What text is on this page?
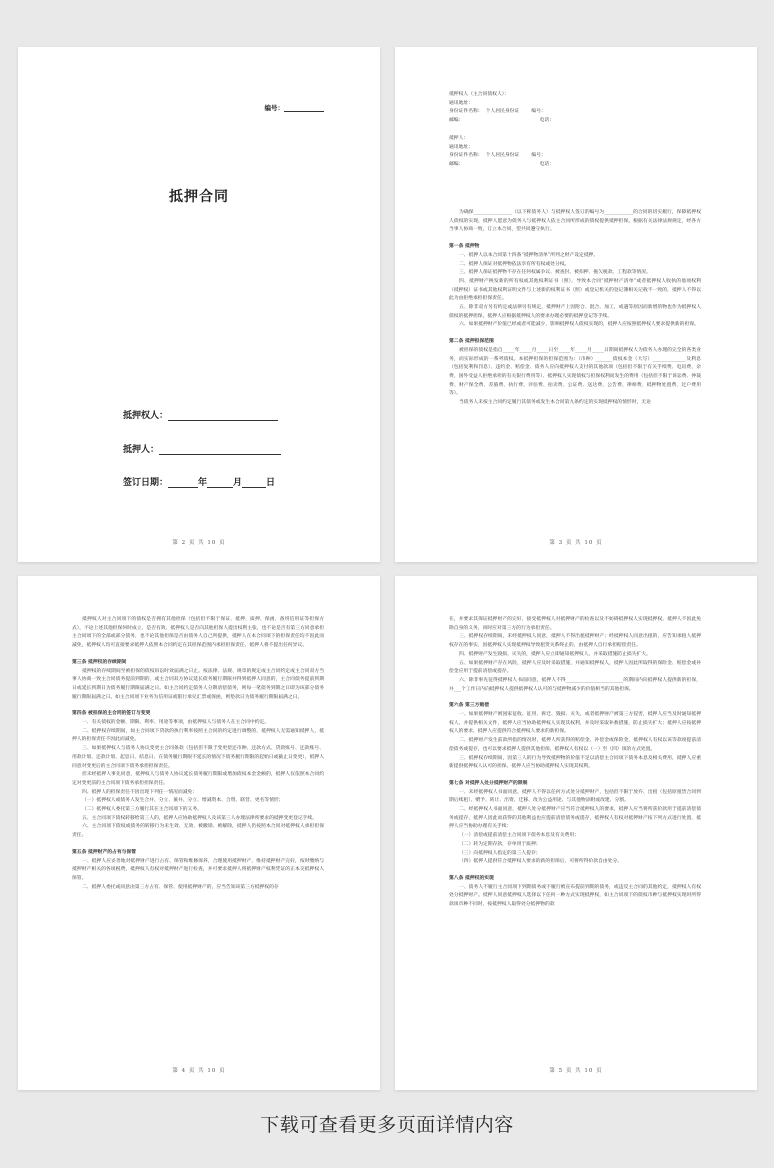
编号：
抵押合同
抵押权人：
抵押人：
签订日期：	年	月	日
第 2 页 共 10 页
抵押权人（主合同债权人）：
通讯地址：
身份证件名称：  个人居民身份证        编号：
邮编：                                                  电话：
抵押人：
通讯地址：
身份证件名称：  个人居民身份证        编号：
邮编：                                                  电话：

为确保________________（以下称债务人）与抵押权人签订的编号为____________的合同的切实履行，保障抵押权人债权的实现，抵押人愿意为债务人与抵押权人依主合同所形成的债权提供抵押担保。根据有关法律法规规定，经各方当事人协商一致，订立本合同，望共同遵守执行。

第一条 抵押物

一、抵押人以本合同第十四条“抵押物清单”所列之财产设定抵押。

二、抵押人保证对抵押物依法享有所有权或处分权。

三、抵押人保证抵押物不存在任何权属争议、被查封、被扣押、拖欠税款、工程款等情况。

四、抵押财产换发新的所有权或其他权利证书（照），导致本合同“抵押财产清单”或者抵押权人收执的他项权利（抵押权）证书或其他权利证明文件与上述新的权利证书（照）或登记机关的登记簿相关记载不一致的，抵押人不得以此为由拒绝承担担保责任。

五、除非双方另有约定或法律另有规定，抵押财产上因附合、混合、加工，或遇等原因而新增的物也作为抵押权人债权的抵押担保，抵押人应根据抵押权人的要求办理必要的抵押登记等手续。

六、如果抵押财产价值已经或者可能减少，影响抵押权人债权实现的，抵押人应按照抵押权人要求提供新的担保。

第二条 抵押担保范围

被担保的债权是指自_____年_____月_____日至_____年_____月_____日期间抵押权人为债务人办理的完全的各类业务，而实际形成的一系列债权。本抵押担保的担保范围为：（币种）_______债权本金（大写）______________及利息（包括复利和罚息）、违约金、赔偿金、债务人应向抵押权人支付的其他款项（包括但不限于有关手续费、电讯费、杂费、国外受益人拒绝承担的有关银行费用等）、抵押权人实现债权与担保权利而发生的费用（包括但不限于诉讼费、仲裁费、财产保全费、差旅费、执行费、评估费、拍卖费、公证费、送达费、公告费、律师费、抵押物处置费、过户费用等）。

当债务人未按主合同约定履行其债务或发生本合同第九条约定的实现抵押权的情形时，无论

第 3 页 共 10 页

抵押权人对主合同项下的债权是否拥有其他担保（包括但不限于保证、抵押、质押、保函、备用信用证等担保方式），不论上述其他担保何时成立、是否有效、抵押权人是否向其他担保人提出权利主张，也不论是否有第三方同意承担主合同项下的全部或部分债务，也不论其他担保是否由债务人自己所提供，抵押人在本合同项下的担保责任均不因此而减免，抵押权人均可直接要求抵押人依照本合同约定在其担保范围内承担担保责任，抵押人将不提出任何异议。

第三条 抵押权的存续期间

抵押权的存续期间至被担保的债权诉讼时效届满之日止。按法律、法规、规章的规定或主合同约定或主合同双方当事人协商一致主合同债务提前到期的，或主合同双方协议延长债务履行期限并得到抵押人同意的，主合同债务提前到期日或延长到期日为债务履行期限届满之日。如主合同约定债务人分期清偿债务，则每一笔债务到期之日即为该部分债务履行期限届满之日。如主合同项下业务为信用证或银行承兑汇票或保函，则垫款日为债务履行期限届满之日。

第四条 被担保的主合同的签订与变更

一、有关债权的金额、期限、利率、用途等事项，由抵押权人与债务人在主合同中约定。

二、抵押权存续期间，如主合同项下贷款的执行利率按照主合同的约定进行调整的，抵押权人无需通知抵押人，抵押人的担保责任不因此而减免。

三、如果抵押权人与债务人协议变更主合同条款（包括但不限于变更偿还币种、还款方式、贷款账号、还款账号、用款计划、还款计划、起息日、结息日、在债务履行期限不延长的情况下债务履行期限的起始日或截止日变更），抵押人同意对变更后的主合同项下债务承担担保责任。

但未经抵押人事先同意，抵押权人与债务人协议延长债务履行期限或增加债权本金金额的，抵押人仅依照本合同约定对变更前的主合同项下债务承担担保责任。

四、抵押人的担保责任不因出现下列任一情况而减免：

（一）抵押权人或债务人发生合并、分立、兼并、分立、增减资本、合资、联营、更名等情形；

（二）抵押权人委托第三方履行其在主合同项下的义务。

五、主合同项下债权转移给第三人的，抵押人应协助抵押权人及该第三人办理法律所要求的抵押变更登记手续。

六、主合同项下债权或债务的转移行为未生效、无效、被撤销、被解除，抵押人仍按照本合同对抵押权人承担担保责任。

第五条 抵押财产的占有与保管

一、抵押人应妥善地对抵押财产进行占有、保管和维修保养，合理使用抵押财产，维持抵押财产完好，按时缴纳与抵押财产相关的各项税费，抵押权人有权对抵押财产进行检查，并可要求抵押人将抵押财产权利凭证的正本交抵押权人保管。

二、抵押人委托或同意由第三方占有、保管、使用抵押财产的，应当告知该第三方抵押权的存

第 4 页 共 10 页

在，并要求其保证抵押财产的完好，接受抵押权人对抵押财产的检查以及不妨碍抵押权人实现抵押权，抵押人不因此免除自身的义务，同时应对第三方的行为承担责任。

三、抵押权存续期间，未经抵押权人同意，抵押人不得出租抵押财产；经抵押权人同意出租的，应告知承租人抵押权存在的事实，因抵押权人实现抵押权导致租赁关系终止的，由抵押人自行承担赔偿责任。

四、抵押财产发生毁损、灭失的，抵押人应立即通知抵押权人，并采取措施防止损失扩大。

五、如果抵押财产存在风险，抵押人应及时采取措施，并通知抵押权人，抵押人因此所取得的保险金、赔偿金或补偿金应用于提前清偿或提存。

六、除非事先征得抵押权人书面同意，抵押人不得________________________的期间内向抵押权人提供新的担保，并___个工作日内向抵押权人提供抵押权人认可的与抵押物减少的价值相当的其他担保。

第六条 第三方赔偿

一、如果抵押财产被国家征收、征用、拆迁、毁损、灭失，或者抵押财产被第三方侵害，抵押人应当及时通知抵押权人，并提供相关文件，抵押人应当协助抵押权人实现其权利，并及时采取补救措施，防止损失扩大；抵押人应按抵押权人的要求，抵押人应提供符合抵押权人要求的新担保。

二、抵押财产发生前款所指的情况时，抵押人所获得的赔偿金、补偿金或保险金，抵押权人有权以该等款项提前清偿债务或提存，也可以要求抵押人提供其他担保，抵押权人有权以（一）至（四）项的方式处置。

三、抵押权存续期间，因第三人的行为导致抵押物的价值不足以清偿主合同项下债务本息及相关费用，抵押人应重新提供抵押权人认可的担保。抵押人应当协助抵押权人实现其权利。

第七条 对抵押人处分抵押财产的限制

一、未经抵押权人书面同意，抵押人不得以任何方式处分抵押财产，包括但不限于放弃、出租（包括原租赁合同到期后续租）、赠予、转让、出资、迁移、改为公益用途、与其他物添附或改建、分割。

二、经抵押权人书面同意，抵押人处分抵押财产应当符合抵押权人的要求，抵押人应当将所获价款用于提前清偿债务或提存，抵押人因此而获得的其他利益也应提前清偿债务或提存，抵押权人有权对抵押财产按下列方式进行处置，抵押人应当协助办理有关手续：

（一）清偿或提前清偿主合同项下债务本息及有关费用；

（二）转为定期存款，存单用于质押；

（三）向抵押权人指定的第三人提存；

（四）抵押人提供符合抵押权人要求的新的担保后，可将所得价款自由处分。

第八条 抵押权的实现

一、债务人不履行主合同项下到期债务或不履行被宣布提前到期的债务，或违反主合同的其他约定，抵押权人有权处分抵押财产。抵押人同意抵押权人选择以下任何一种方式实现抵押权，如主合同项下的债权币种与抵押权实现时所得款项币种不同时，按抵押权人取得处分抵押物的款

第 5 页 共 10 页
下载可查看更多页面详情内容
